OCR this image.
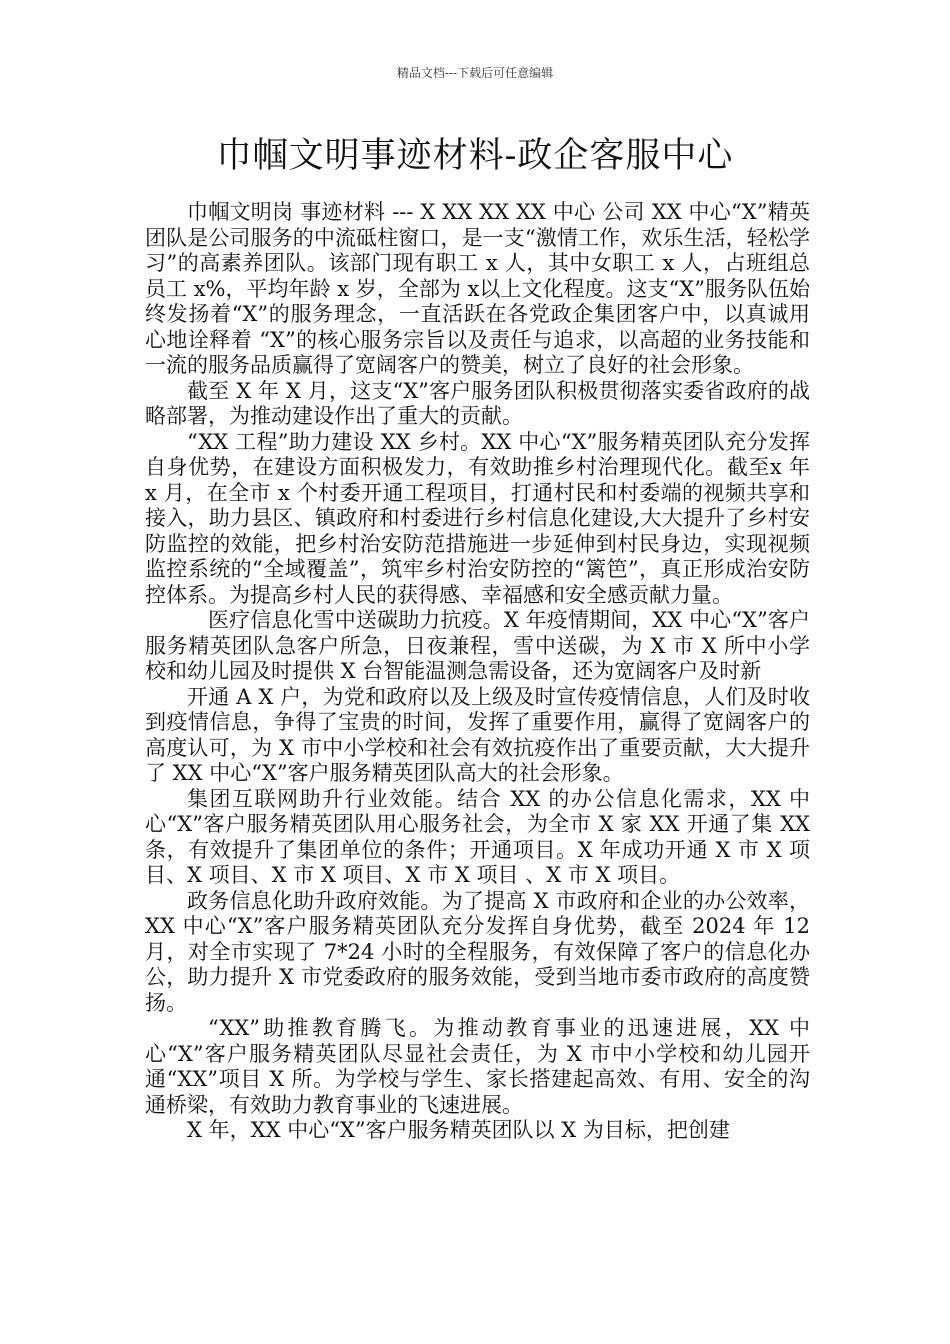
精品文档---下载后可任意编辑
巾帼文明事迹材料-政企客服中心

巾帼文明岗 事迹材料 --- X XX XX XX 中心 公司 XX 中心“X”精英团队是公司服务的中流砥柱窗口，是一支“激情工作，欢乐生活，轻松学习”的高素养团队。该部门现有职工 x 人，其中女职工 x 人，占班组总员工 x%，平均年龄 x 岁，全部为 x以上文化程度。这支“X”服务队伍始终发扬着“X”的服务理念，一直活跃在各党政企集团客户中，以真诚用心地诠释着 “X”的核心服务宗旨以及责任与追求，以高超的业务技能和一流的服务品质赢得了宽阔客户的赞美，树立了良好的社会形象。

截至 X 年 X 月，这支“X”客户服务团队积极贯彻落实委省政府的战略部署，为推动建设作出了重大的贡献。

“XX 工程”助力建设 XX 乡村。XX 中心“X”服务精英团队充分发挥自身优势，在建设方面积极发力，有效助推乡村治理现代化。截至x 年 x 月，在全市 x 个村委开通工程项目，打通村民和村委端的视频共享和接入，助力县区、镇政府和村委进行乡村信息化建设,大大提升了乡村安防监控的效能，把乡村治安防范措施进一步延伸到村民身边，实现视频监控系统的“全域覆盖”，筑牢乡村治安防控的“篱笆”，真正形成治安防控体系。为提高乡村人民的获得感、幸福感和安全感贡献力量。

医疗信息化雪中送碳助力抗疫。X 年疫情期间，XX 中心“X”客户服务精英团队急客户所急，日夜兼程，雪中送碳，为 X 市 X 所中小学校和幼儿园及时提供 X 台智能温测急需设备，还为宽阔客户及时新

开通 A X 户，为党和政府以及上级及时宣传疫情信息，人们及时收到疫情信息，争得了宝贵的时间，发挥了重要作用，赢得了宽阔客户的高度认可，为 X 市中小学校和社会有效抗疫作出了重要贡献，大大提升了 XX 中心“X”客户服务精英团队高大的社会形象。

集团互联网助升行业效能。结合 XX 的办公信息化需求，XX 中心“X”客户服务精英团队用心服务社会，为全市 X 家 XX 开通了集 XX条，有效提升了集团单位的条件；开通项目。X 年成功开通 X 市 X 项目、X 项目、X 市 X 项目、X 市 X 项目 、X 市 X 项目。

政务信息化助升政府效能。为了提高 X 市政府和企业的办公效率，XX 中心“X”客户服务精英团队充分发挥自身优势，截至 2024 年 12月，对全市实现了 7*24 小时的全程服务，有效保障了客户的信息化办公，助力提升 X 市党委政府的服务效能，受到当地市委市政府的高度赞扬。

“XX”助推教育腾飞。为推动教育事业的迅速进展，XX 中心“X”客户服务精英团队尽显社会责任，为 X 市中小学校和幼儿园开通“XX”项目 X 所。为学校与学生、家长搭建起高效、有用、安全的沟通桥梁，有效助力教育事业的飞速进展。

X 年，XX 中心“X”客户服务精英团队以 X 为目标，把创建
